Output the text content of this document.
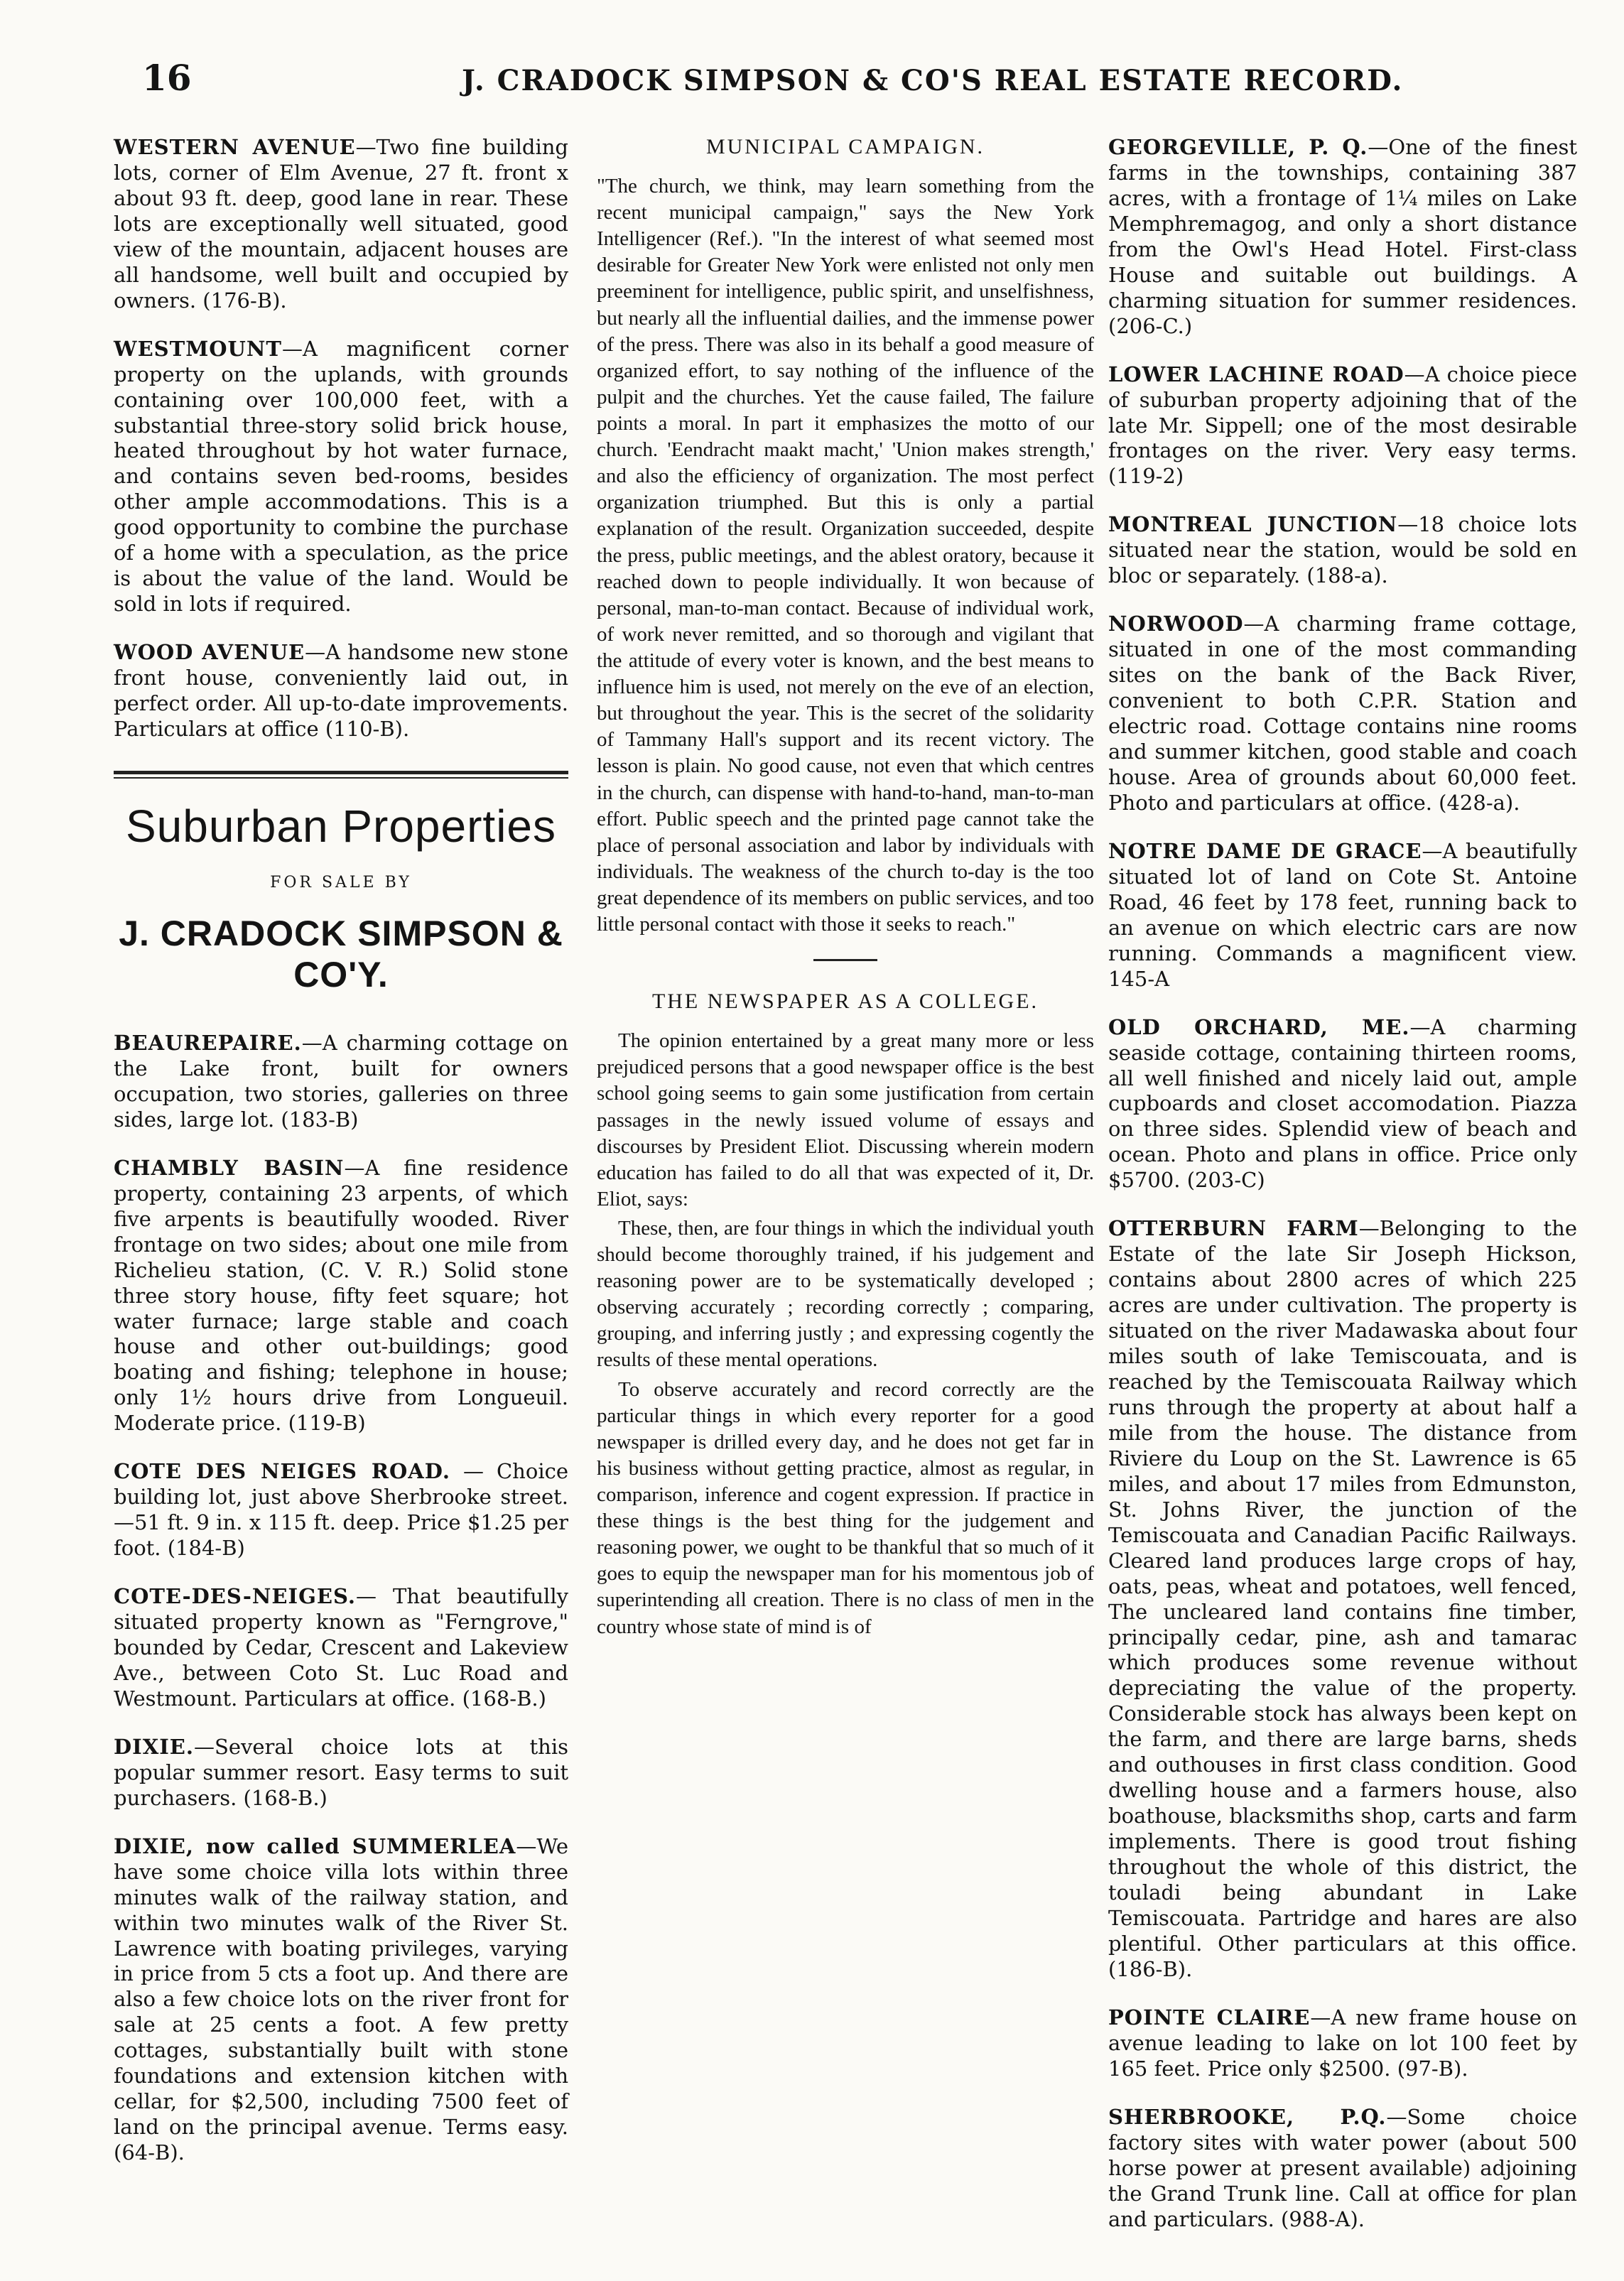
16	J. CRADOCK SIMPSON & CO'S REAL ESTATE RECORD.
WESTERN AVENUE—Two fine building lots, corner of Elm Avenue, 27 ft. front x about 93 ft. deep, good lane in rear. These lots are exceptionally well situated, good view of the mountain, adjacent houses are all handsome, well built and occupied by owners. (176-B).
WESTMOUNT—A magnificent corner property on the uplands, with grounds containing over 100,000 feet, with a substantial three-story solid brick house, heated throughout by hot water furnace, and contains seven bed-rooms, besides other ample accommodations. This is a good opportunity to combine the purchase of a home with a speculation, as the price is about the value of the land. Would be sold in lots if required.
WOOD AVENUE—A handsome new stone front house, conveniently laid out, in perfect order. All up-to-date improvements. Particulars at office (110-B).
Suburban Properties
FOR SALE BY
J. CRADOCK SIMPSON & CO'Y.
BEAUREPAIRE.—A charming cottage on the Lake front, built for owners occupation, two stories, galleries on three sides, large lot. (183-B)
CHAMBLY BASIN—A fine residence property, containing 23 arpents, of which five arpents is beautifully wooded. River frontage on two sides; about one mile from Richelieu station, (C. V. R.) Solid stone three story house, fifty feet square; hot water furnace; large stable and coach house and other out-buildings; good boating and fishing; telephone in house; only 1½ hours drive from Longueuil. Moderate price. (119-B)
COTE DES NEIGES ROAD. — Choice building lot, just above Sherbrooke street.—51 ft. 9 in. x 115 ft. deep. Price $1.25 per foot. (184-B)
COTE-DES-NEIGES.— That beautifully situated property known as "Ferngrove," bounded by Cedar, Crescent and Lakeview Ave., between Coto St. Luc Road and Westmount. Particulars at office. (168-B.)
DIXIE.—Several choice lots at this popular summer resort. Easy terms to suit purchasers. (168-B.)
DIXIE, now called SUMMERLEA—We have some choice villa lots within three minutes walk of the railway station, and within two minutes walk of the River St. Lawrence with boating privileges, varying in price from 5 cts a foot up. And there are also a few choice lots on the river front for sale at 25 cents a foot. A few pretty cottages, substantially built with stone foundations and extension kitchen with cellar, for $2,500, including 7500 feet of land on the principal avenue. Terms easy. (64-B).
MUNICIPAL CAMPAIGN.

"The church, we think, may learn something from the recent municipal campaign," says the New York Intelligencer (Ref.). "In the interest of what seemed most desirable for Greater New York were enlisted not only men preeminent for intelligence, public spirit, and unselfishness, but nearly all the influential dailies, and the immense power of the press. There was also in its behalf a good measure of organized effort, to say nothing of the influence of the pulpit and the churches. Yet the cause failed, The failure points a moral. In part it emphasizes the motto of our church. 'Eendracht maakt macht,' 'Union makes strength,' and also the efficiency of organization. The most perfect organization triumphed. But this is only a partial explanation of the result. Organization succeeded, despite the press, public meetings, and the ablest oratory, because it reached down to people individually. It won because of personal, man-to-man contact. Because of individual work, of work never remitted, and so thorough and vigilant that the attitude of every voter is known, and the best means to influence him is used, not merely on the eve of an election, but throughout the year. This is the secret of the solidarity of Tammany Hall's support and its recent victory. The lesson is plain. No good cause, not even that which centres in the church, can dispense with hand-to-hand, man-to-man effort. Public speech and the printed page cannot take the place of personal association and labor by individuals with individuals. The weakness of the church to-day is the too great dependence of its members on public services, and too little personal contact with those it seeks to reach."

THE NEWSPAPER AS A COLLEGE.

The opinion entertained by a great many more or less prejudiced persons that a good newspaper office is the best school going seems to gain some justification from certain passages in the newly issued volume of essays and discourses by President Eliot. Discussing wherein modern education has failed to do all that was expected of it, Dr. Eliot, says:

These, then, are four things in which the individual youth should become thoroughly trained, if his judgement and reasoning power are to be systematically developed ; observing accurately ; recording correctly ; comparing, grouping, and inferring justly ; and expressing cogently the results of these mental operations.

To observe accurately and record correctly are the particular things in which every reporter for a good newspaper is drilled every day, and he does not get far in his business without getting practice, almost as regular, in comparison, inference and cogent expression. If practice in these things is the best thing for the judgement and reasoning power, we ought to be thankful that so much of it goes to equip the newspaper man for his momentous job of superintending all creation. There is no class of men in the country whose state of mind is of

GEORGEVILLE, P. Q.—One of the finest farms in the townships, containing 387 acres, with a frontage of 1¼ miles on Lake Memphremagog, and only a short distance from the Owl's Head Hotel. First-class House and suitable out buildings. A charming situation for summer residences. (206-C.)
LOWER LACHINE ROAD—A choice piece of suburban property adjoining that of the late Mr. Sippell; one of the most desirable frontages on the river. Very easy terms. (119-2)
MONTREAL JUNCTION—18 choice lots situated near the station, would be sold en bloc or separately. (188-a).
NORWOOD—A charming frame cottage, situated in one of the most commanding sites on the bank of the Back River, convenient to both C.P.R. Station and electric road. Cottage contains nine rooms and summer kitchen, good stable and coach house. Area of grounds about 60,000 feet. Photo and particulars at office. (428-a).
NOTRE DAME DE GRACE—A beautifully situated lot of land on Cote St. Antoine Road, 46 feet by 178 feet, running back to an avenue on which electric cars are now running. Commands a magnificent view. 145-A
OLD ORCHARD, ME.—A charming seaside cottage, containing thirteen rooms, all well finished and nicely laid out, ample cupboards and closet accomodation. Piazza on three sides. Splendid view of beach and ocean. Photo and plans in office. Price only $5700. (203-C)
OTTERBURN FARM—Belonging to the Estate of the late Sir Joseph Hickson, contains about 2800 acres of which 225 acres are under cultivation. The property is situated on the river Madawaska about four miles south of lake Temiscouata, and is reached by the Temiscouata Railway which runs through the property at about half a mile from the house. The distance from Riviere du Loup on the St. Lawrence is 65 miles, and about 17 miles from Edmunston, St. Johns River, the junction of the Temiscouata and Canadian Pacific Railways. Cleared land produces large crops of hay, oats, peas, wheat and potatoes, well fenced, The uncleared land contains fine timber, principally cedar, pine, ash and tamarac which produces some revenue without depreciating the value of the property. Considerable stock has always been kept on the farm, and there are large barns, sheds and outhouses in first class condition. Good dwelling house and a farmers house, also boathouse, blacksmiths shop, carts and farm implements. There is good trout fishing throughout the whole of this district, the touladi being abundant in Lake Temiscouata. Partridge and hares are also plentiful. Other particulars at this office. (186-B).
POINTE CLAIRE—A new frame house on avenue leading to lake on lot 100 feet by 165 feet. Price only $2500. (97-B).
SHERBROOKE, P.Q.—Some choice factory sites with water power (about 500 horse power at present available) adjoining the Grand Trunk line. Call at office for plan and particulars. (988-A).
